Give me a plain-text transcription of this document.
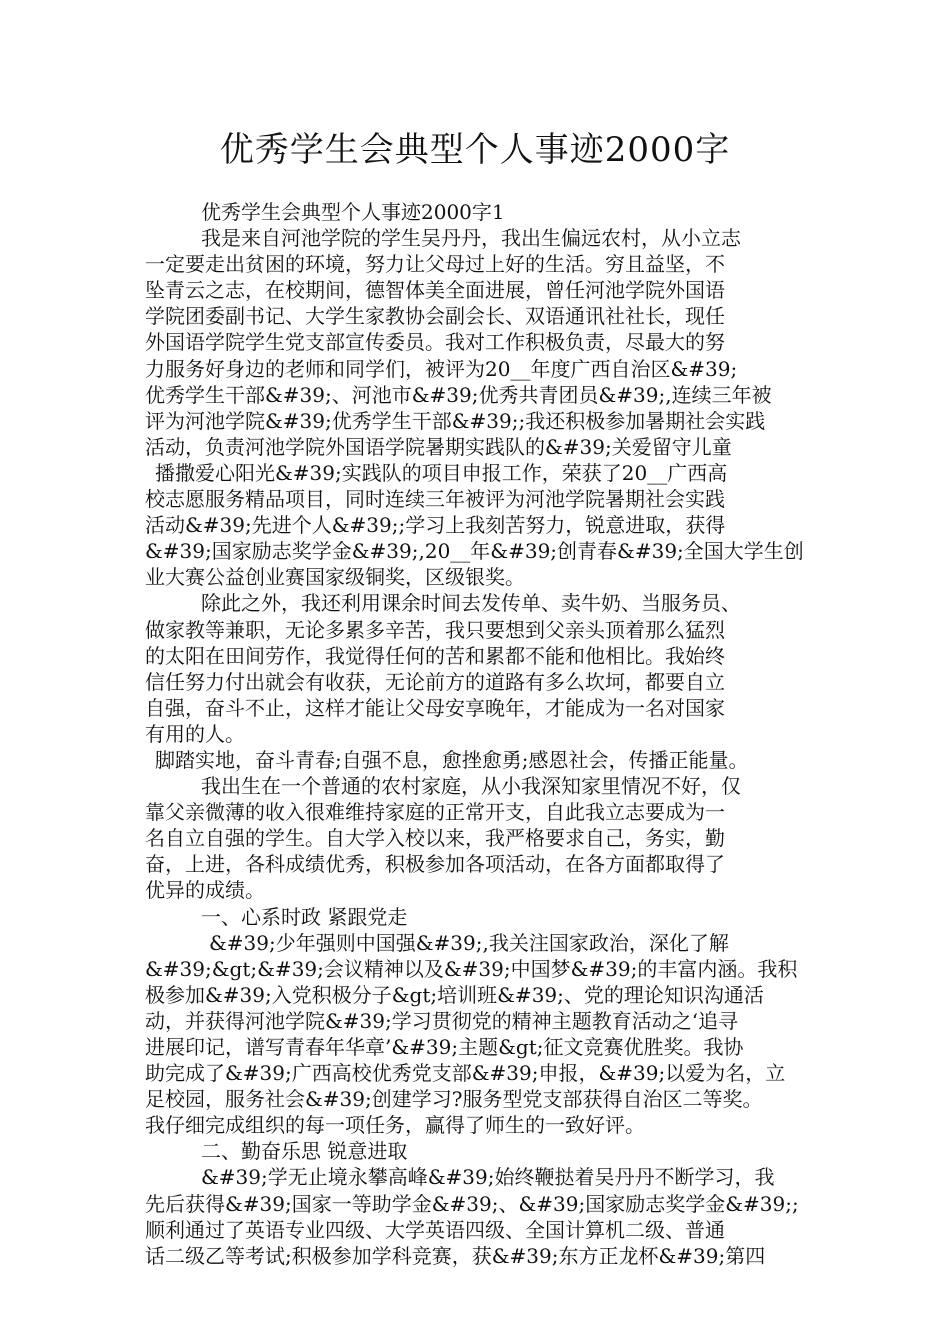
优秀学生会典型个人事迹2000字
优秀学生会典型个人事迹2000字1
我是来自河池学院的学生吴丹丹，我出生偏远农村，从小立志
一定要走出贫困的环境，努力让父母过上好的生活。穷且益坚，不
坠青云之志，在校期间，德智体美全面进展，曾任河池学院外国语
学院团委副书记、大学生家教协会副会长、双语通讯社社长，现任
外国语学院学生党支部宣传委员。我对工作积极负责，尽最大的努
力服务好身边的老师和同学们，被评为20__年度广西自治区&#39;
优秀学生干部&#39;、河池市&#39;优秀共青团员&#39;,连续三年被
评为河池学院&#39;优秀学生干部&#39;;我还积极参加暑期社会实践
活动，负责河池学院外国语学院暑期实践队的&#39;关爱留守儿童
播撒爱心阳光&#39;实践队的项目申报工作，荣获了20__广西高
校志愿服务精品项目，同时连续三年被评为河池学院暑期社会实践
活动&#39;先进个人&#39;;学习上我刻苦努力，锐意进取，获得
&#39;国家励志奖学金&#39;,20__年&#39;创青春&#39;全国大学生创
业大赛公益创业赛国家级铜奖，区级银奖。
除此之外，我还利用课余时间去发传单、卖牛奶、当服务员、
做家教等兼职，无论多累多辛苦，我只要想到父亲头顶着那么猛烈
的太阳在田间劳作，我觉得任何的苦和累都不能和他相比。我始终
信任努力付出就会有收获，无论前方的道路有多么坎坷，都要自立
自强，奋斗不止，这样才能让父母安享晚年，才能成为一名对国家
有用的人。
脚踏实地，奋斗青春;自强不息，愈挫愈勇;感恩社会，传播正能量。
我出生在一个普通的农村家庭，从小我深知家里情况不好，仅
靠父亲微薄的收入很难维持家庭的正常开支，自此我立志要成为一
名自立自强的学生。自大学入校以来，我严格要求自己，务实，勤
奋，上进，各科成绩优秀，积极参加各项活动，在各方面都取得了
优异的成绩。
一、心系时政 紧跟党走
&#39;少年强则中国强&#39;,我关注国家政治，深化了解
&#39;&gt;&#39;会议精神以及&#39;中国梦&#39;的丰富内涵。我积
极参加&#39;入党积极分子&gt;培训班&#39;、党的理论知识沟通活
动，并获得河池学院&#39;学习贯彻党的精神主题教育活动之‘追寻
进展印记，谱写青春年华章’&#39;主题&gt;征文竞赛优胜奖。我协
助完成了&#39;广西高校优秀党支部&#39;申报，&#39;以爱为名，立
足校园，服务社会&#39;创建学习?服务型党支部获得自治区二等奖。
我仔细完成组织的每一项任务，赢得了师生的一致好评。
二、勤奋乐思 锐意进取
&#39;学无止境永攀高峰&#39;始终鞭挞着吴丹丹不断学习，我
先后获得&#39;国家一等助学金&#39;、&#39;国家励志奖学金&#39;;
顺利通过了英语专业四级、大学英语四级、全国计算机二级、普通
话二级乙等考试;积极参加学科竞赛，获&#39;东方正龙杯&#39;第四
